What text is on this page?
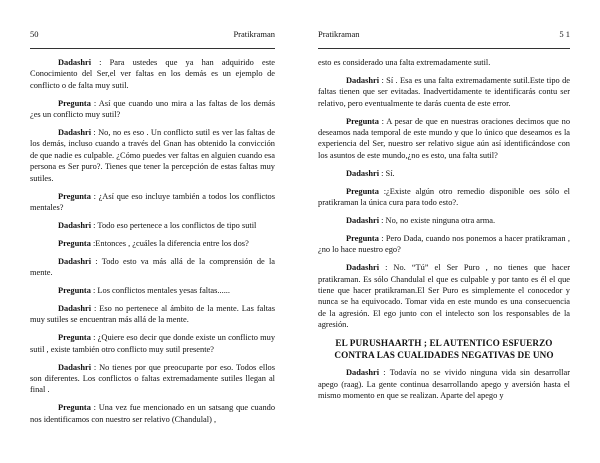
50	Pratikraman

Dadashri : Para ustedes que ya han adquirido este Conocimiento del Ser,el ver faltas en los demás es un ejemplo de conflicto o de falta muy sutil.

Pregunta : Así que cuando uno mira a las faltas de los demás ¿es un conflicto muy sutil?

Dadashri : No, no es eso . Un conflicto sutil es ver las faltas de los demás, incluso cuando a través del Gnan has obtenido la convicción de que nadie es culpable. ¿Cómo puedes ver faltas en alguien cuando esa persona es Ser puro?. Tienes que tener la percepción de estas faltas muy sutiles.

Pregunta : ¿Así que eso incluye también a todos los conflictos mentales?

Dadashri : Todo eso pertenece a los conflictos de tipo sutil

Pregunta :Entonces , ¿cuáles la diferencia entre los dos?

Dadashri : Todo esto va más allá de la comprensión de la mente.

Pregunta : Los conflictos mentales yesas faltas......

Dadashri : Eso no pertenece al ámbito de la mente. Las faltas muy sutiles se encuentran más allá de la mente.

Pregunta : ¿Quiere eso decir que donde existe un conflicto muy sutil , existe también otro conflicto muy sutil presente?

Dadashri : No tienes por que preocuparte por eso. Todos ellos son diferentes. Los conflictos o faltas extremadamente sutiles llegan al final .

Pregunta : Una vez fue mencionado en un satsang que cuando nos identificamos con nuestro ser relativo (Chandulal) ,

Pratikraman	5 1

esto es considerado una falta extremadamente sutil.

Dadashri : Sí . Esa es una falta extremadamente sutil.Este tipo de faltas tienen que ser evitadas. Inadvertidamente te identificarás contu ser relativo, pero eventualmente te darás cuenta de este error.

Pregunta : A pesar de que en nuestras oraciones decimos que no deseamos nada temporal de este mundo y que lo único que deseamos es la experiencia del Ser, nuestro ser relativo sigue aún así identificándose con los asuntos de este mundo,¿no es esto, una falta sutil?

Dadashri : Sí.

Pregunta :¿Existe algún otro remedio disponible oes sólo el pratikraman la única cura para todo esto?.

Dadashri : No, no existe ninguna otra arma.

Pregunta : Pero Dada, cuando nos ponemos a hacer pratikraman , ¿no lo hace nuestro ego?

Dadashri : No. “Tú” el Ser Puro , no tienes que hacer pratikraman. Es sólo Chandulal el que es culpable y por tanto es él el que tiene que hacer pratikraman.El Ser Puro es simplemente el conocedor y nunca se ha equivocado. Tomar vida en este mundo es una consecuencia de la agresión. El ego junto con el intelecto son los responsables de la agresión.

EL PURUSHAARTH ; EL AUTENTICO ESFUERZO
CONTRA LAS CUALIDADES NEGATIVAS DE UNO

Dadashri : Todavía no se vivido ninguna vida sin desarrollar apego (raag). La gente continua desarrollando apego y aversión hasta el mismo momento en que se realizan. Aparte del apego y
